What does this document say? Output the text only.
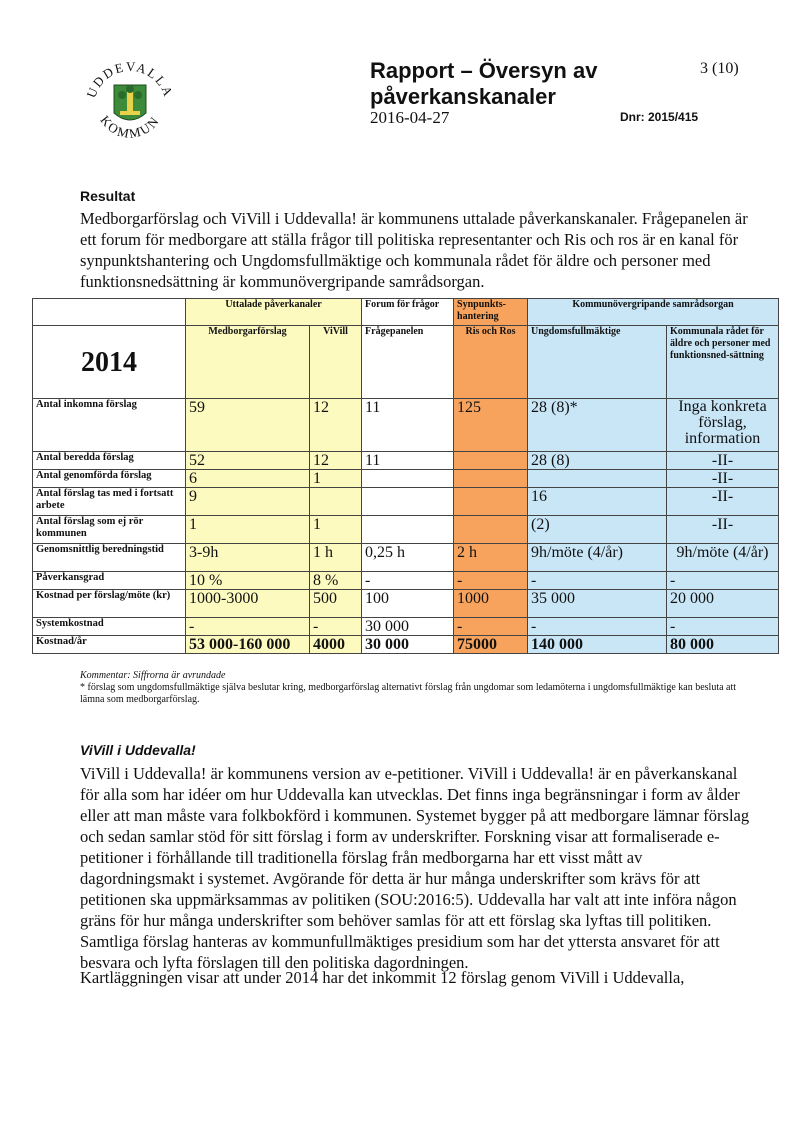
UDDEVALLA
KOMMUN
Rapport – Översyn av påverkanskanaler
2016-04-27
3 (10)
Dnr: 2015/415
Resultat
Medborgarförslag och ViVill i Uddevalla! är kommunens uttalade påverkanskanaler. Frågepanelen är ett forum för medborgare att ställa frågor till politiska representanter och Ris och ros är en kanal för synpunktshantering och Ungdomsfullmäktige och kommunala rådet för äldre och personer med funktionsnedsättning är kommunövergripande samrådsorgan.
	Uttalade påverkanaler		Forum för frågor	Synpunkts-hantering	Kommunövergripande samrådsorgan	
2014	Medborgarförslag	ViVill	Frågepanelen	Ris och Ros	Ungdomsfullmäktige	Kommunala rådet för äldre och personer med funktionsned-sättning
Antal inkomna förslag	59	12	11	125	28 (8)*	Inga konkreta förslag, information
Antal beredda förslag	52	12	11		28 (8)	-II-
Antal genomförda förslag	6	1				-II-
Antal förslag tas med i fortsatt arbete	9				16	-II-
Antal förslag som ej rör kommunen	1	1			(2)	-II-
Genomsnittlig beredningstid	3-9h	1 h	0,25 h	2 h	9h/möte (4/år)	9h/möte (4/år)
Påverkansgrad	10 %	8 %	-	-	-	-
Kostnad per förslag/möte (kr)	1000-3000	500	100	1000	35 000	20 000
Systemkostnad	-	-	30 000	-	-	-
Kostnad/år	53 000-160 000	4000	30 000	75000	140 000	80 000
Kommentar: Siffrorna är avrundade
* förslag som ungdomsfullmäktige själva beslutar kring, medborgarförslag alternativt förslag från ungdomar som ledamöterna i ungdomsfullmäktige kan besluta att lämna som medborgarförslag.
ViVill i Uddevalla!
ViVill i Uddevalla! är kommunens version av e-petitioner. ViVill i Uddevalla! är en påverkanskanal för alla som har idéer om hur Uddevalla kan utvecklas. Det finns inga begränsningar i form av ålder eller att man måste vara folkbokförd i kommunen. Systemet bygger på att medborgare lämnar förslag och sedan samlar stöd för sitt förslag i form av underskrifter. Forskning visar att formaliserade e-petitioner i förhållande till traditionella förslag från medborgarna har ett visst mått av dagordningsmakt i systemet. Avgörande för detta är hur många underskrifter som krävs för att petitionen ska uppmärksammas av politiken (SOU:2016:5). Uddevalla har valt att inte införa någon gräns för hur många underskrifter som behöver samlas för att ett förslag ska lyftas till politiken. Samtliga förslag hanteras av kommunfullmäktiges presidium som har det yttersta ansvaret för att besvara och lyfta förslagen till den politiska dagordningen.
Kartläggningen visar att under 2014 har det inkommit 12 förslag genom ViVill i Uddevalla,
